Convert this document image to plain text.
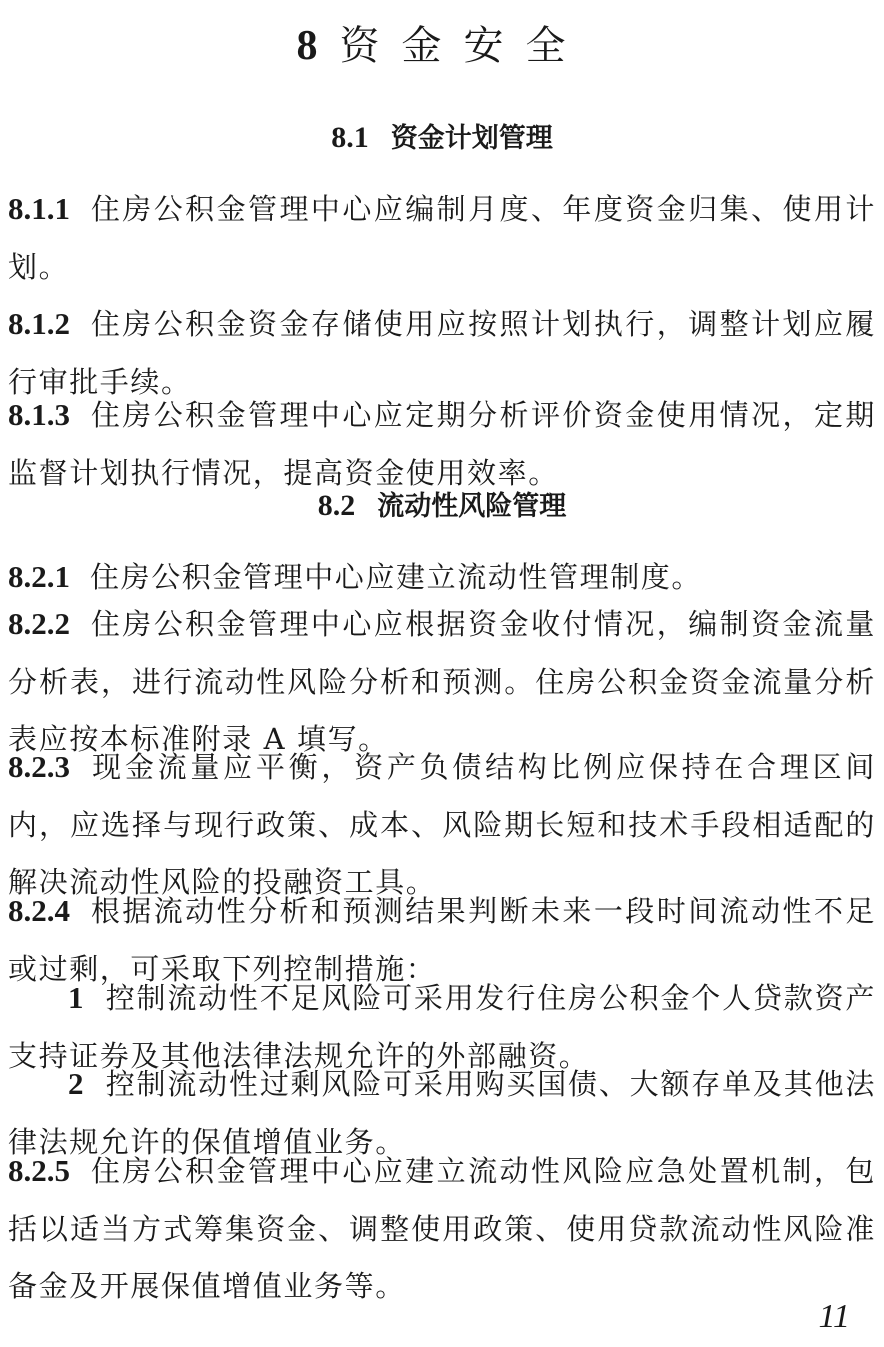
8 资金安全
8.1 资金计划管理
8.1.1 住房公积金管理中心应编制月度、年度资金归集、使用计划。
8.1.2 住房公积金资金存储使用应按照计划执行，调整计划应履行审批手续。
8.1.3 住房公积金管理中心应定期分析评价资金使用情况，定期监督计划执行情况，提高资金使用效率。
8.2 流动性风险管理
8.2.1 住房公积金管理中心应建立流动性管理制度。
8.2.2 住房公积金管理中心应根据资金收付情况，编制资金流量分析表，进行流动性风险分析和预测。住房公积金资金流量分析表应按本标准附录 A 填写。
8.2.3 现金流量应平衡，资产负债结构比例应保持在合理区间内，应选择与现行政策、成本、风险期长短和技术手段相适配的解决流动性风险的投融资工具。
8.2.4 根据流动性分析和预测结果判断未来一段时间流动性不足或过剩，可采取下列控制措施：
1 控制流动性不足风险可采用发行住房公积金个人贷款资产支持证券及其他法律法规允许的外部融资。
2 控制流动性过剩风险可采用购买国债、大额存单及其他法律法规允许的保值增值业务。
8.2.5 住房公积金管理中心应建立流动性风险应急处置机制，包括以适当方式筹集资金、调整使用政策、使用贷款流动性风险准备金及开展保值增值业务等。
11
